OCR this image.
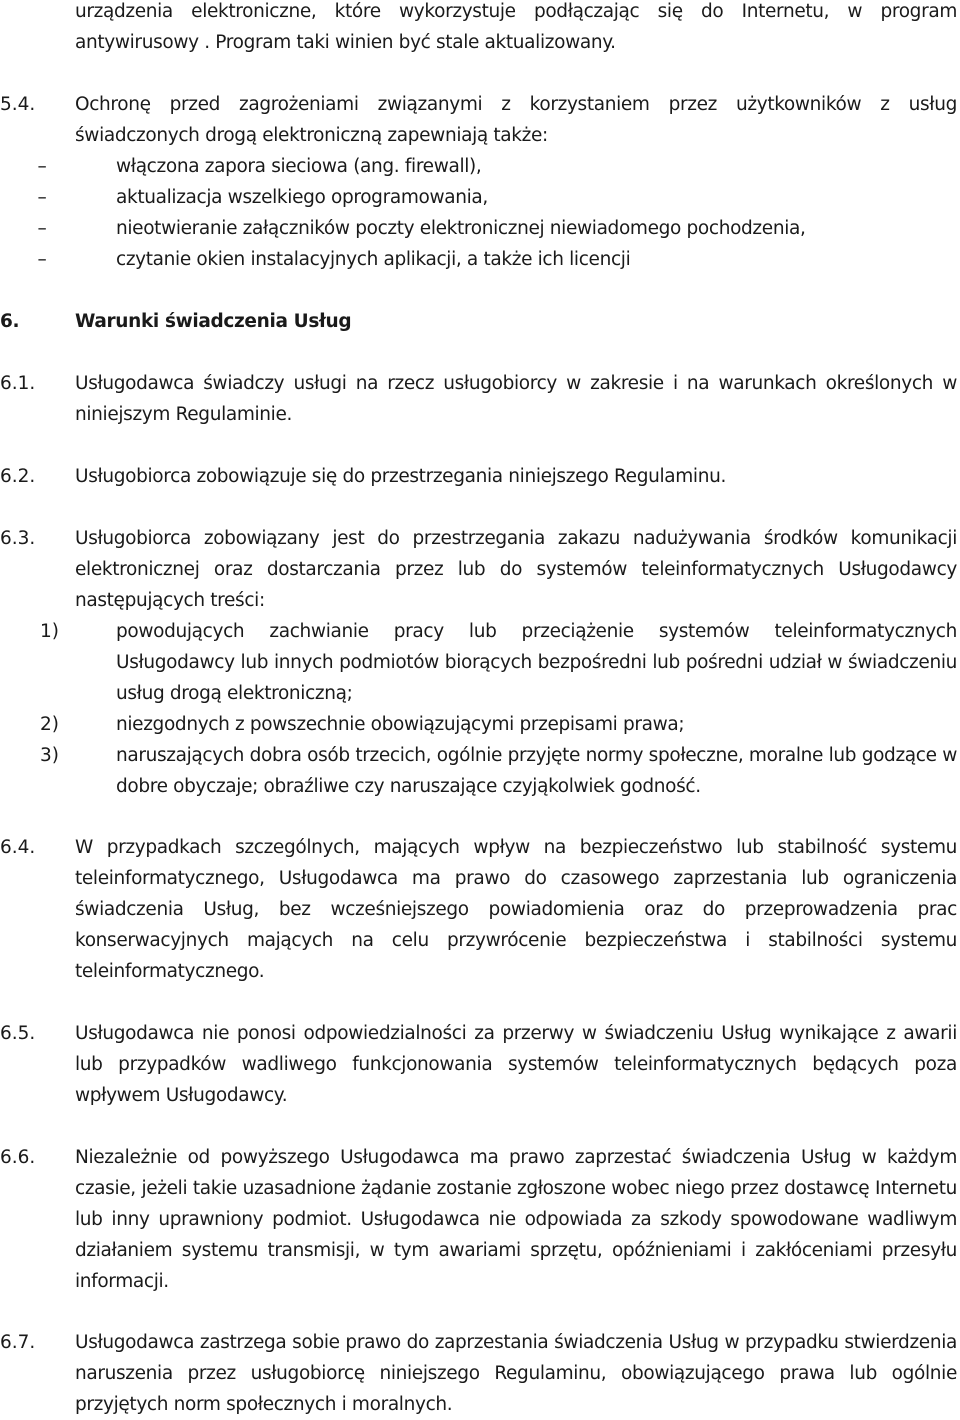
urządzenia elektroniczne, które wykorzystuje podłączając się do Internetu, w program antywirusowy . Program taki winien być stale aktualizowany.
5.4.	Ochronę przed zagrożeniami związanymi z korzystaniem przez użytkowników z usług świadczonych drogą elektroniczną zapewniają także:
–	włączona zapora sieciowa (ang. firewall),
–	aktualizacja wszelkiego oprogramowania,
–	nieotwieranie załączników poczty elektronicznej niewiadomego pochodzenia,
–	czytanie okien instalacyjnych aplikacji, a także ich licencji
6.	Warunki świadczenia Usług
6.1.	Usługodawca świadczy usługi na rzecz usługobiorcy w zakresie i na warunkach określonych w niniejszym Regulaminie.
6.2.	Usługobiorca zobowiązuje się do przestrzegania niniejszego Regulaminu.
6.3.	Usługobiorca zobowiązany jest do przestrzegania zakazu nadużywania środków komunikacji elektronicznej oraz dostarczania przez lub do systemów teleinformatycznych Usługodawcy następujących treści:
1)	powodujących zachwianie pracy lub przeciążenie systemów teleinformatycznych Usługodawcy lub innych podmiotów biorących bezpośredni lub pośredni udział w świadczeniu usług drogą elektroniczną;
2)	niezgodnych z powszechnie obowiązującymi przepisami prawa;
3)	naruszających dobra osób trzecich, ogólnie przyjęte normy społeczne, moralne lub godzące w dobre obyczaje; obraźliwe czy naruszające czyjąkolwiek godność.
6.4.	W przypadkach szczególnych, mających wpływ na bezpieczeństwo lub stabilność systemu teleinformatycznego, Usługodawca ma prawo do czasowego zaprzestania lub ograniczenia świadczenia Usług, bez wcześniejszego powiadomienia oraz do przeprowadzenia prac konserwacyjnych mających na celu przywrócenie bezpieczeństwa i stabilności systemu teleinformatycznego.
6.5.	Usługodawca nie ponosi odpowiedzialności za przerwy w świadczeniu Usług wynikające z awarii lub przypadków wadliwego funkcjonowania systemów teleinformatycznych będących poza wpływem Usługodawcy.
6.6.	Niezależnie od powyższego Usługodawca ma prawo zaprzestać świadczenia Usług w każdym czasie, jeżeli takie uzasadnione żądanie zostanie zgłoszone wobec niego przez dostawcę Internetu lub inny uprawniony podmiot. Usługodawca nie odpowiada za szkody spowodowane wadliwym działaniem systemu transmisji, w tym awariami sprzętu, opóźnieniami i zakłóceniami przesyłu informacji.
6.7.	Usługodawca zastrzega sobie prawo do zaprzestania świadczenia Usług w przypadku stwierdzenia naruszenia przez usługobiorcę niniejszego Regulaminu, obowiązującego prawa lub ogólnie przyjętych norm społecznych i moralnych.
